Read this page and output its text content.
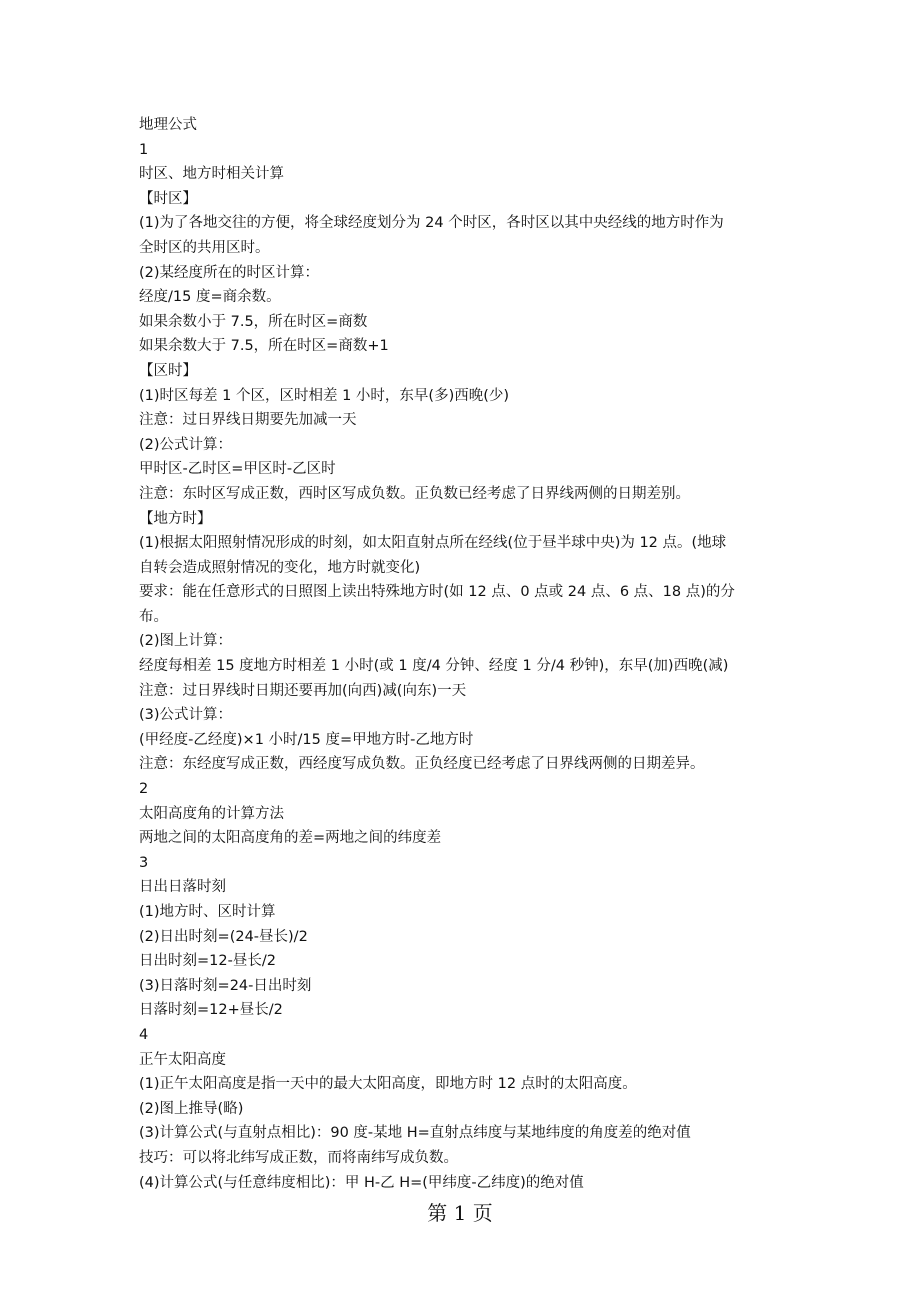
地理公式
1
时区、地方时相关计算
【时区】
(1)为了各地交往的方便，将全球经度划分为 24 个时区，各时区以其中央经线的地方时作为
全时区的共用区时。
(2)某经度所在的时区计算：
经度/15 度=商余数。
如果余数小于 7.5，所在时区=商数
如果余数大于 7.5，所在时区=商数+1
【区时】
(1)时区每差 1 个区，区时相差 1 小时，东早(多)西晚(少)
注意：过日界线日期要先加减一天
(2)公式计算：
甲时区-乙时区=甲区时-乙区时
注意：东时区写成正数，西时区写成负数。正负数已经考虑了日界线两侧的日期差别。
【地方时】
(1)根据太阳照射情况形成的时刻，如太阳直射点所在经线(位于昼半球中央)为 12 点。(地球
自转会造成照射情况的变化，地方时就变化)
要求：能在任意形式的日照图上读出特殊地方时(如 12 点、0 点或 24 点、6 点、18 点)的分
布。
(2)图上计算：
经度每相差 15 度地方时相差 1 小时(或 1 度/4 分钟、经度 1 分/4 秒钟)，东早(加)西晚(减)
注意：过日界线时日期还要再加(向西)减(向东)一天
(3)公式计算：
(甲经度-乙经度)×1 小时/15 度=甲地方时-乙地方时
注意：东经度写成正数，西经度写成负数。正负经度已经考虑了日界线两侧的日期差异。
2
太阳高度角的计算方法
两地之间的太阳高度角的差=两地之间的纬度差
3
日出日落时刻
(1)地方时、区时计算
(2)日出时刻=(24-昼长)/2
日出时刻=12-昼长/2
(3)日落时刻=24-日出时刻
日落时刻=12+昼长/2
4
正午太阳高度
(1)正午太阳高度是指一天中的最大太阳高度，即地方时 12 点时的太阳高度。
(2)图上推导(略)
(3)计算公式(与直射点相比)：90 度-某地 H=直射点纬度与某地纬度的角度差的绝对值
技巧：可以将北纬写成正数，而将南纬写成负数。
(4)计算公式(与任意纬度相比)：甲 H-乙 H=(甲纬度-乙纬度)的绝对值
第 1 页
